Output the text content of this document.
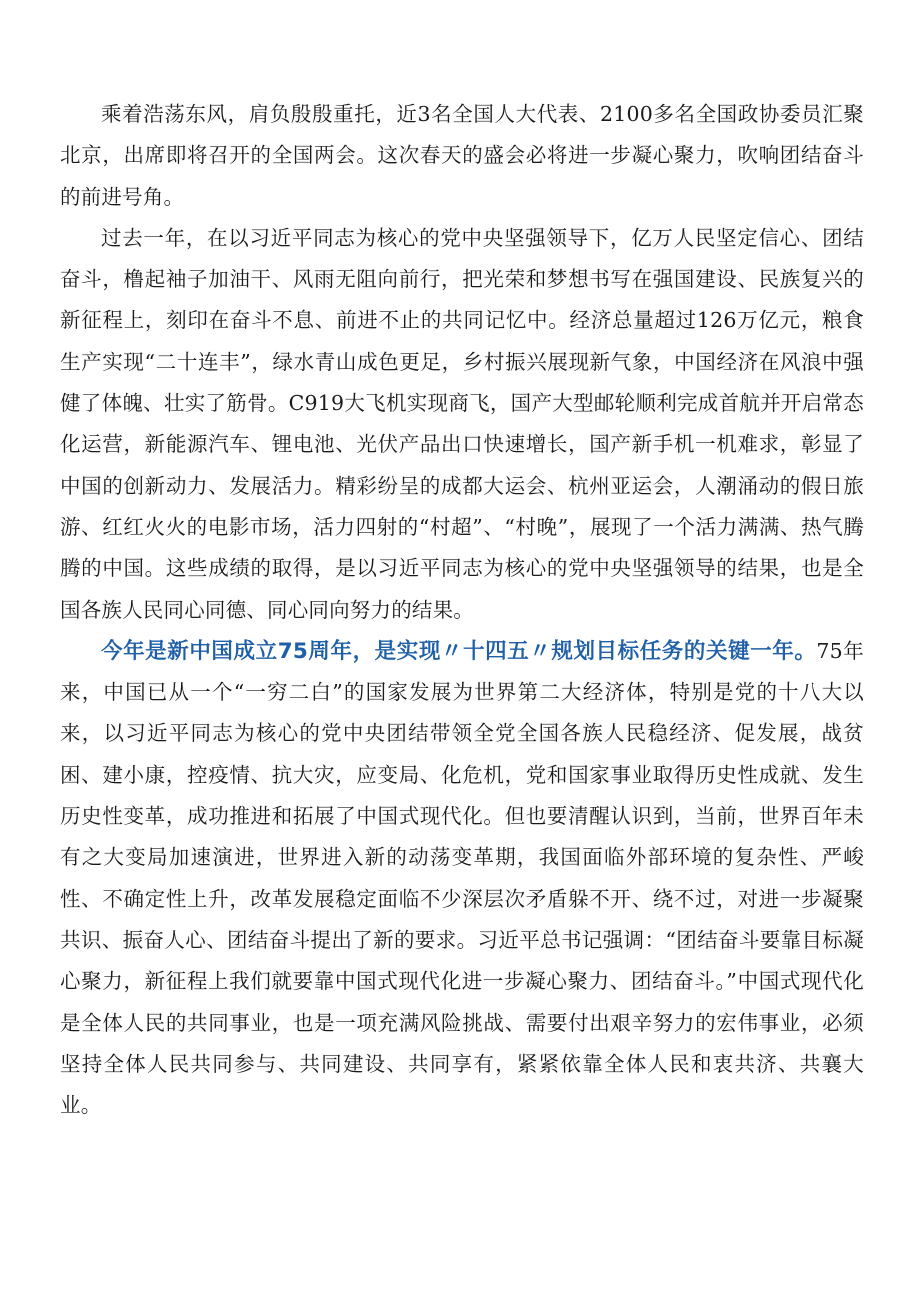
乘着浩荡东风，肩负殷殷重托，近3名全国人大代表、2100多名全国政协委员汇聚北京，出席即将召开的全国两会。这次春天的盛会必将进一步凝心聚力，吹响团结奋斗的前进号角。

过去一年，在以习近平同志为核心的党中央坚强领导下，亿万人民坚定信心、团结奋斗，橹起袖子加油干、风雨无阻向前行，把光荣和梦想书写在强国建设、民族复兴的新征程上，刻印在奋斗不息、前进不止的共同记忆中。经济总量超过126万亿元，粮食生产实现“二十连丰”，绿水青山成色更足，乡村振兴展现新气象，中国经济在风浪中强健了体魄、壮实了筋骨。C919大飞机实现商飞，国产大型邮轮顺利完成首航并开启常态化运营，新能源汽车、锂电池、光伏产品出口快速增长，国产新手机一机难求，彰显了中国的创新动力、发展活力。精彩纷呈的成都大运会、杭州亚运会，人潮涌动的假日旅游、红红火火的电影市场，活力四射的“村超”、“村晚”，展现了一个活力满满、热气腾腾的中国。这些成绩的取得，是以习近平同志为核心的党中央坚强领导的结果，也是全国各族人民同心同德、同心同向努力的结果。

今年是新中国成立75周年，是实现〃十四五〃规划目标任务的关键一年。75年来，中国已从一个“一穷二白”的国家发展为世界第二大经济体，特别是党的十八大以来，以习近平同志为核心的党中央团结带领全党全国各族人民稳经济、促发展，战贫困、建小康，控疫情、抗大灾，应变局、化危机，党和国家事业取得历史性成就、发生历史性变革，成功推进和拓展了中国式现代化。但也要清醒认识到，当前，世界百年未有之大变局加速演进，世界进入新的动荡变革期，我国面临外部环境的复杂性、严峻性、不确定性上升，改革发展稳定面临不少深层次矛盾躲不开、绕不过，对进一步凝聚共识、振奋人心、团结奋斗提出了新的要求。习近平总书记强调：“团结奋斗要靠目标凝心聚力，新征程上我们就要靠中国式现代化进一步凝心聚力、团结奋斗。”中国式现代化是全体人民的共同事业，也是一项充满风险挑战、需要付出艰辛努力的宏伟事业，必须坚持全体人民共同参与、共同建设、共同享有，紧紧依靠全体人民和衷共济、共襄大业。
